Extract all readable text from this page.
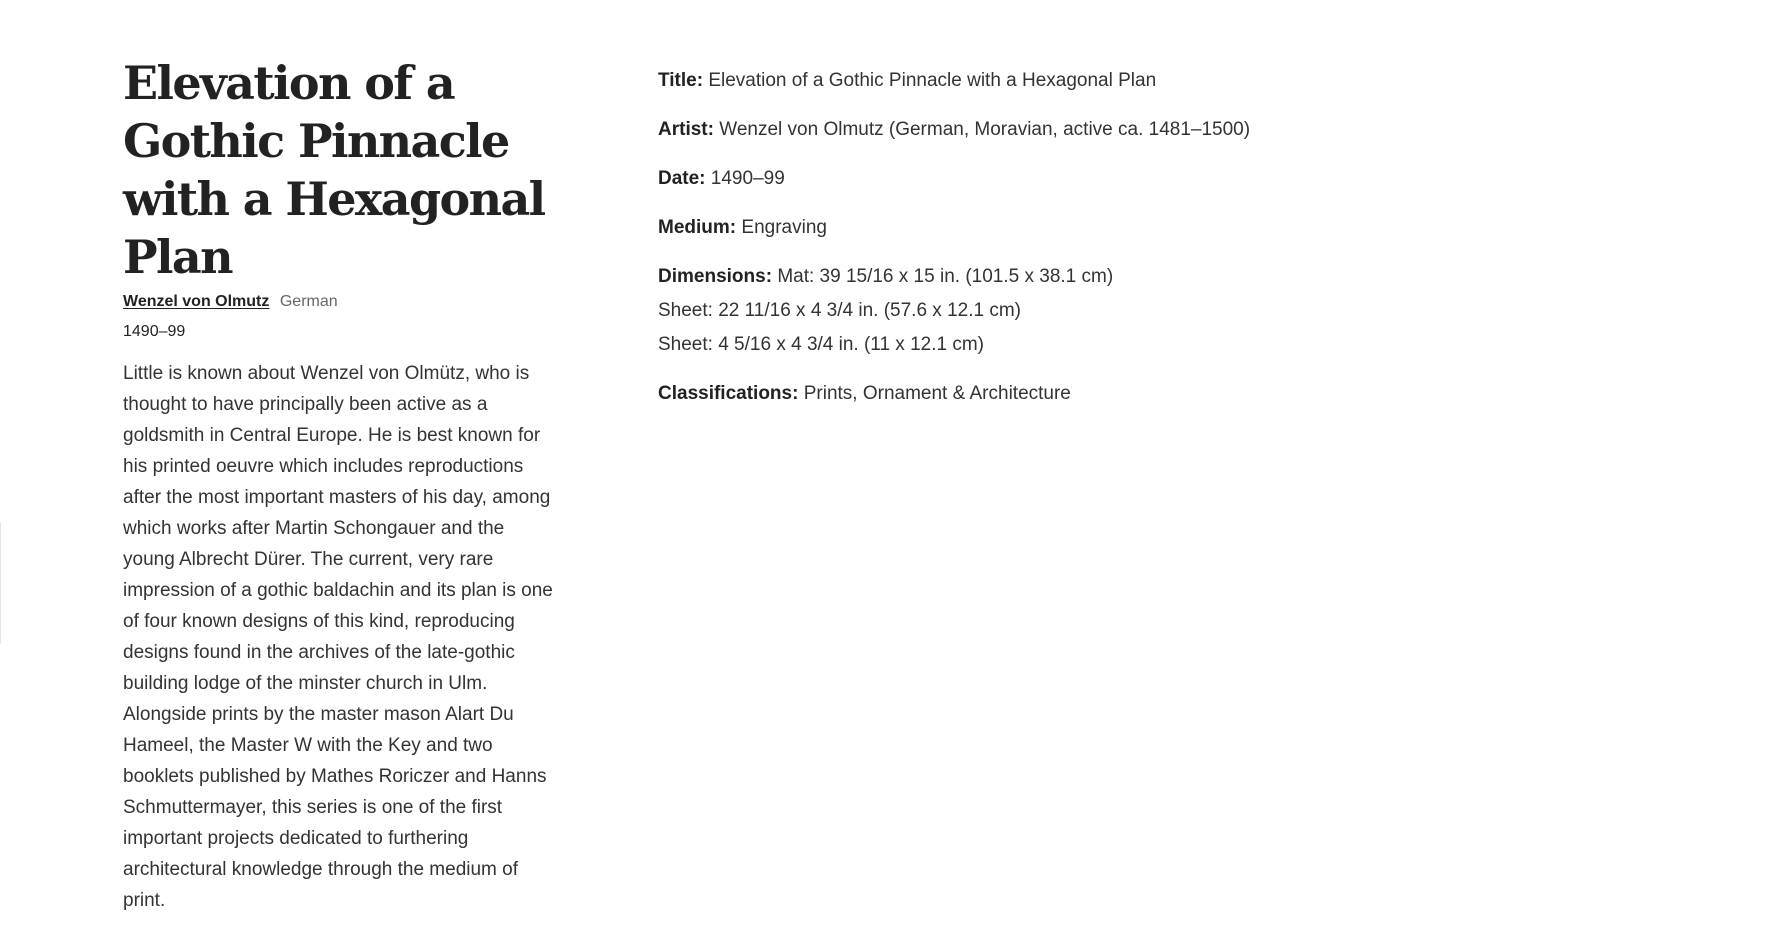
Elevation of a Gothic Pinnacle with a Hexagonal Plan
Wenzel von Olmutz German
1490–99

Little is known about Wenzel von Olmütz, who is thought to have principally been active as a goldsmith in Central Europe. He is best known for his printed oeuvre which includes reproductions after the most important masters of his day, among which works after Martin Schongauer and the young Albrecht Dürer. The current, very rare impression of a gothic baldachin and its plan is one of four known designs of this kind, reproducing designs found in the archives of the late-gothic building lodge of the minster church in Ulm. Alongside prints by the master mason Alart Du Hameel, the Master W with the Key and two booklets published by Mathes Roriczer and Hanns Schmuttermayer, this series is one of the first important projects dedicated to furthering architectural knowledge through the medium of print.

Title: Elevation of a Gothic Pinnacle with a Hexagonal Plan
Artist: Wenzel von Olmutz (German, Moravian, active ca. 1481–1500)
Date: 1490–99
Medium: Engraving
Dimensions: Mat: 39 15/16 x 15 in. (101.5 x 38.1 cm)
Sheet: 22 11/16 x 4 3/4 in. (57.6 x 12.1 cm)
Sheet: 4 5/16 x 4 3/4 in. (11 x 12.1 cm)
Classifications: Prints, Ornament & Architecture
